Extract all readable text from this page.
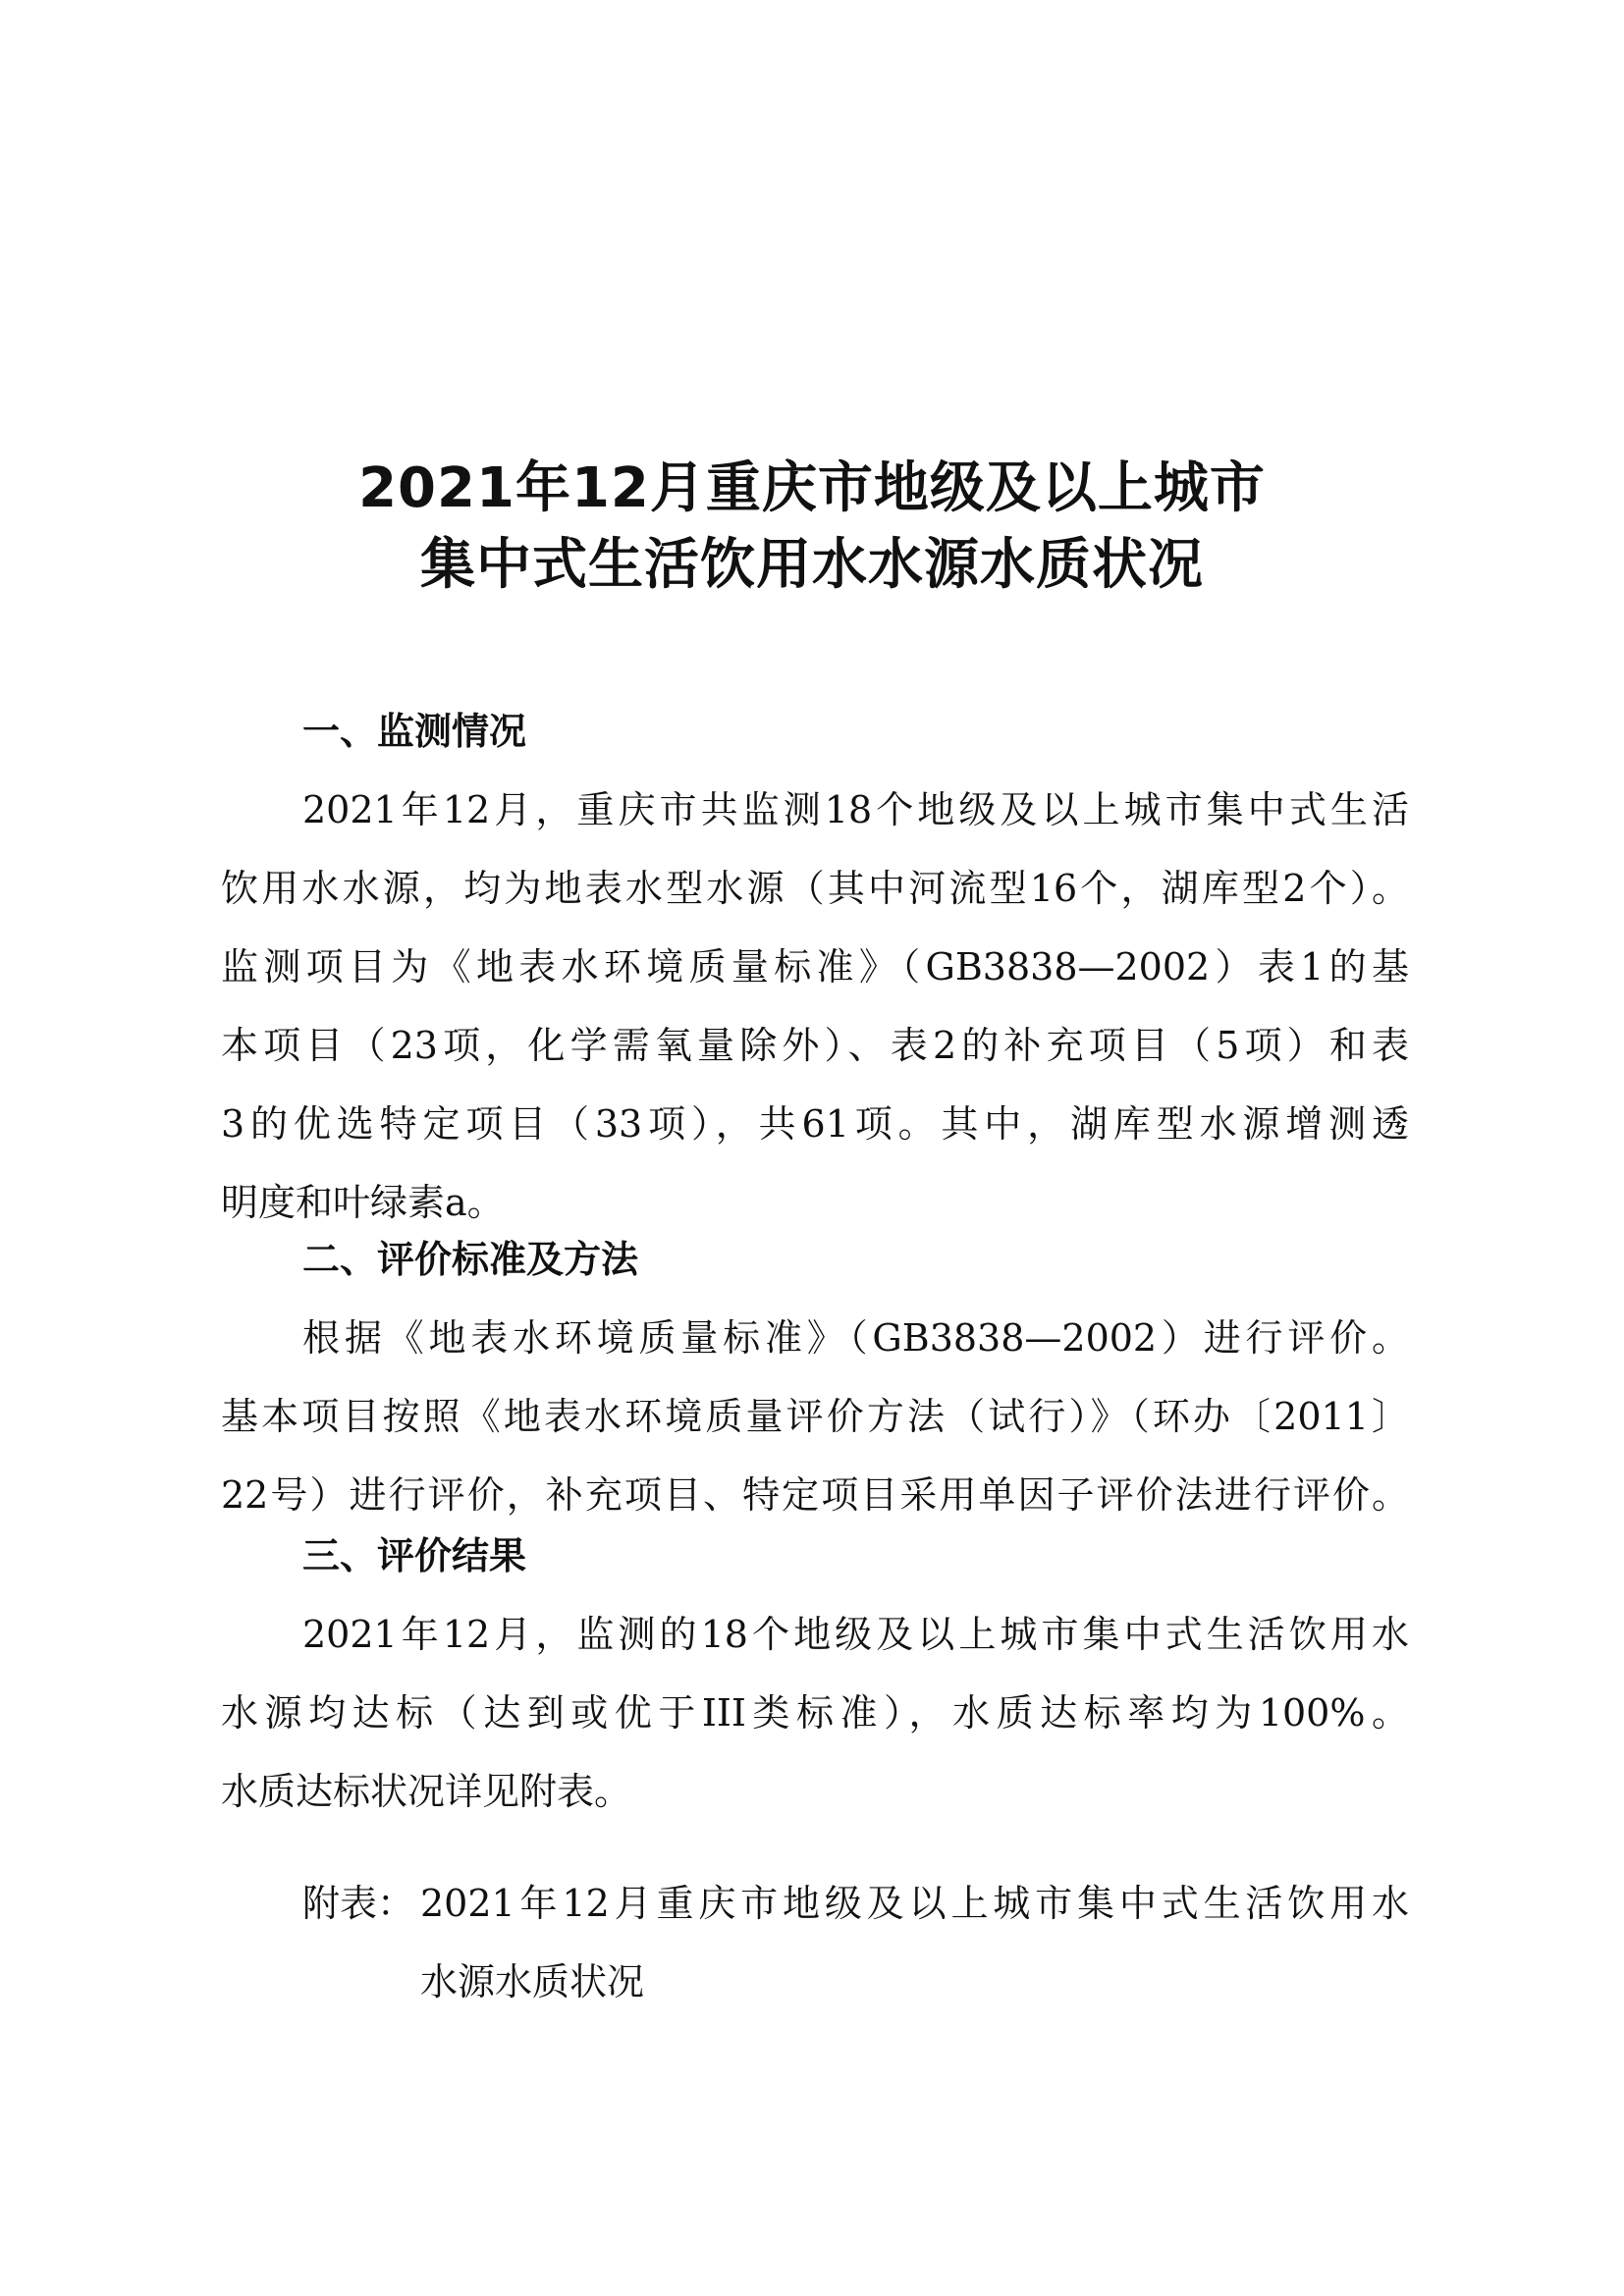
2021年12月重庆市地级及以上城市
集中式生活饮用水水源水质状况
一、监测情况

2021年12月，重庆市共监测18个地级及以上城市集中式生活

饮用水水源，均为地表水型水源（其中河流型16个，湖库型2个）。

监测项目为《地表水环境质量标准》（GB3838—2002）表1的基

本项目（23项，化学需氧量除外）、表2的补充项目（5项）和表

3的优选特定项目（33项），共61项。其中，湖库型水源增测透

明度和叶绿素a。

二、评价标准及方法

根据《地表水环境质量标准》（GB3838—2002）进行评价。

基本项目按照《地表水环境质量评价方法（试行）》（环办〔2011〕

22号）进行评价，补充项目、特定项目采用单因子评价法进行评价。

三、评价结果

2021年12月，监测的18个地级及以上城市集中式生活饮用水

水源均达标（达到或优于III类标准），水质达标率均为100%。

水质达标状况详见附表。

附表： 2021年12月重庆市地级及以上城市集中式生活饮用水

水源水质状况
